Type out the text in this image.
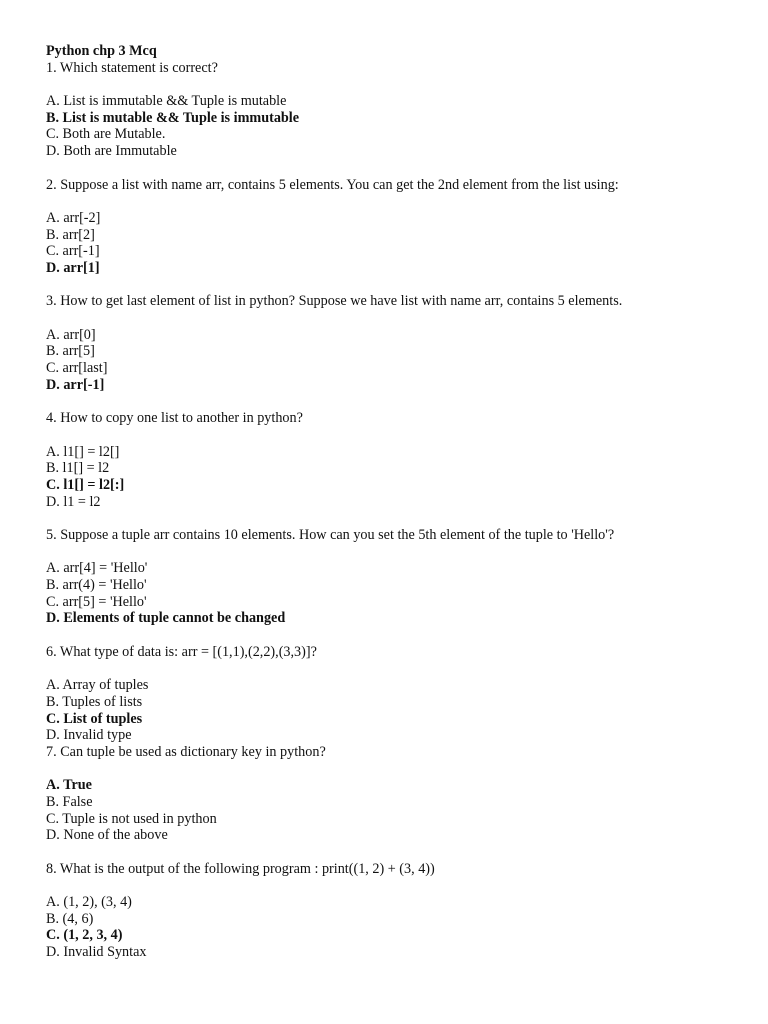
Python chp 3 Mcq
1. Which statement is correct?
A. List is immutable && Tuple is mutable
B. List is mutable && Tuple is immutable
C. Both are Mutable.
D. Both are Immutable
2. Suppose a list with name arr, contains 5 elements. You can get the 2nd element from the list using:
A. arr[-2]
B. arr[2]
C. arr[-1]
D. arr[1]
3. How to get last element of list in python? Suppose we have list with name arr, contains 5 elements.
A. arr[0]
B. arr[5]
C. arr[last]
D. arr[-1]
4. How to copy one list to another in python?
A. l1[] = l2[]
B. l1[] = l2
C. l1[] = l2[:]
D. l1 = l2
5. Suppose a tuple arr contains 10 elements. How can you set the 5th element of the tuple to 'Hello'?
A. arr[4] = 'Hello'
B. arr(4) = 'Hello'
C. arr[5] = 'Hello'
D. Elements of tuple cannot be changed
6. What type of data is: arr = [(1,1),(2,2),(3,3)]?
A. Array of tuples
B. Tuples of lists
C. List of tuples
D. Invalid type
7. Can tuple be used as dictionary key in python?
A. True
B. False
C. Tuple is not used in python
D. None of the above
8. What is the output of the following program : print((1, 2) + (3, 4))
A. (1, 2), (3, 4)
B. (4, 6)
C. (1, 2, 3, 4)
D. Invalid Syntax
